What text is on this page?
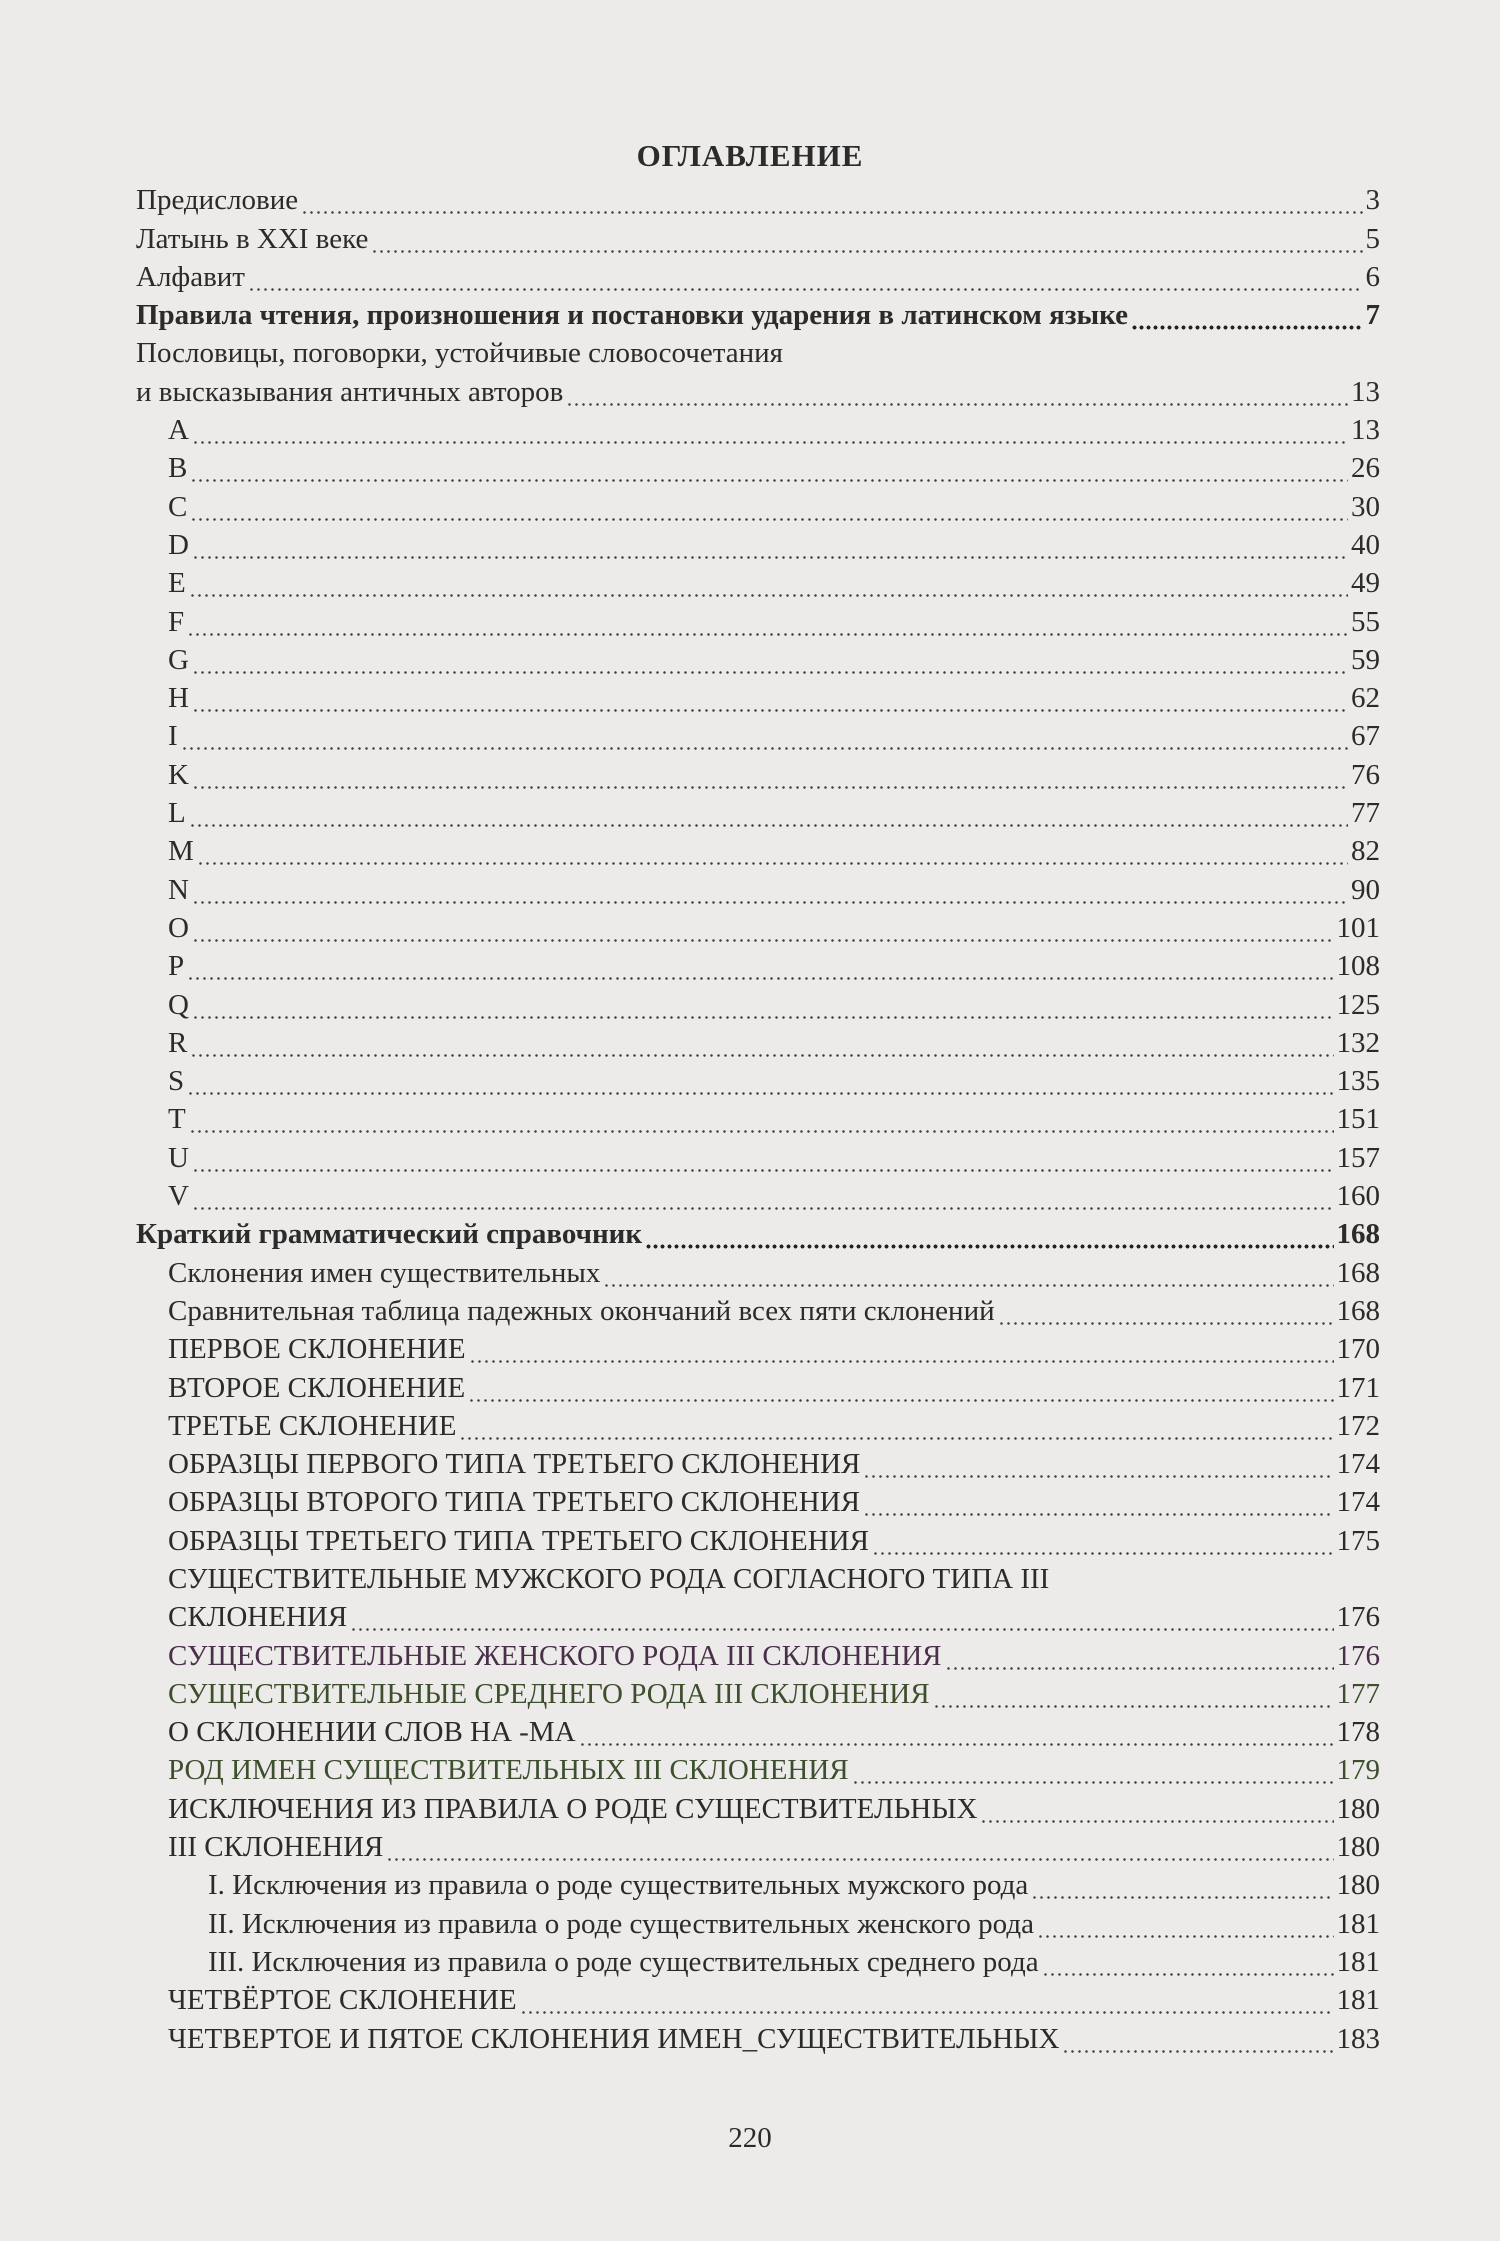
ОГЛАВЛЕНИЕ
Предисловие	3
Латынь в XXI веке	5
Алфавит	6
Правила чтения, произношения и постановки ударения в латинском языке	7
Пословицы, поговорки, устойчивые словосочетания
и высказывания античных авторов	13
A	13
B	26
C	30
D	40
E	49
F	55
G	59
H	62
I	67
K	76
L	77
M	82
N	90
O	101
P	108
Q	125
R	132
S	135
T	151
U	157
V	160
Краткий грамматический справочник	168
Склонения имен существительных	168
Сравнительная таблица падежных окончаний всех пяти склонений	168
ПЕРВОЕ СКЛОНЕНИЕ	170
ВТОРОЕ СКЛОНЕНИЕ	171
ТРЕТЬЕ СКЛОНЕНИЕ	172
ОБРАЗЦЫ ПЕРВОГО ТИПА ТРЕТЬЕГО СКЛОНЕНИЯ	174
ОБРАЗЦЫ ВТОРОГО ТИПА ТРЕТЬЕГО СКЛОНЕНИЯ	174
ОБРАЗЦЫ ТРЕТЬЕГО ТИПА ТРЕТЬЕГО СКЛОНЕНИЯ	175
СУЩЕСТВИТЕЛЬНЫЕ МУЖСКОГО РОДА СОГЛАСНОГО ТИПА III
СКЛОНЕНИЯ	176
СУЩЕСТВИТЕЛЬНЫЕ ЖЕНСКОГО РОДА III СКЛОНЕНИЯ	176
СУЩЕСТВИТЕЛЬНЫЕ СРЕДНЕГО РОДА III СКЛОНЕНИЯ	177
О СКЛОНЕНИИ СЛОВ НА -MA	178
РОД ИМЕН СУЩЕСТВИТЕЛЬНЫХ III СКЛОНЕНИЯ	179
ИСКЛЮЧЕНИЯ ИЗ ПРАВИЛА О РОДЕ СУЩЕСТВИТЕЛЬНЫХ	180
III СКЛОНЕНИЯ	180
I. Исключения из правила о роде существительных мужского рода	180
II. Исключения из правила о роде существительных женского рода	181
III. Исключения из правила о роде существительных среднего рода	181
ЧЕТВЁРТОЕ СКЛОНЕНИЕ	181
ЧЕТВЕРТОЕ И ПЯТОЕ СКЛОНЕНИЯ ИМЕН_СУЩЕСТВИТЕЛЬНЫХ	183
220
